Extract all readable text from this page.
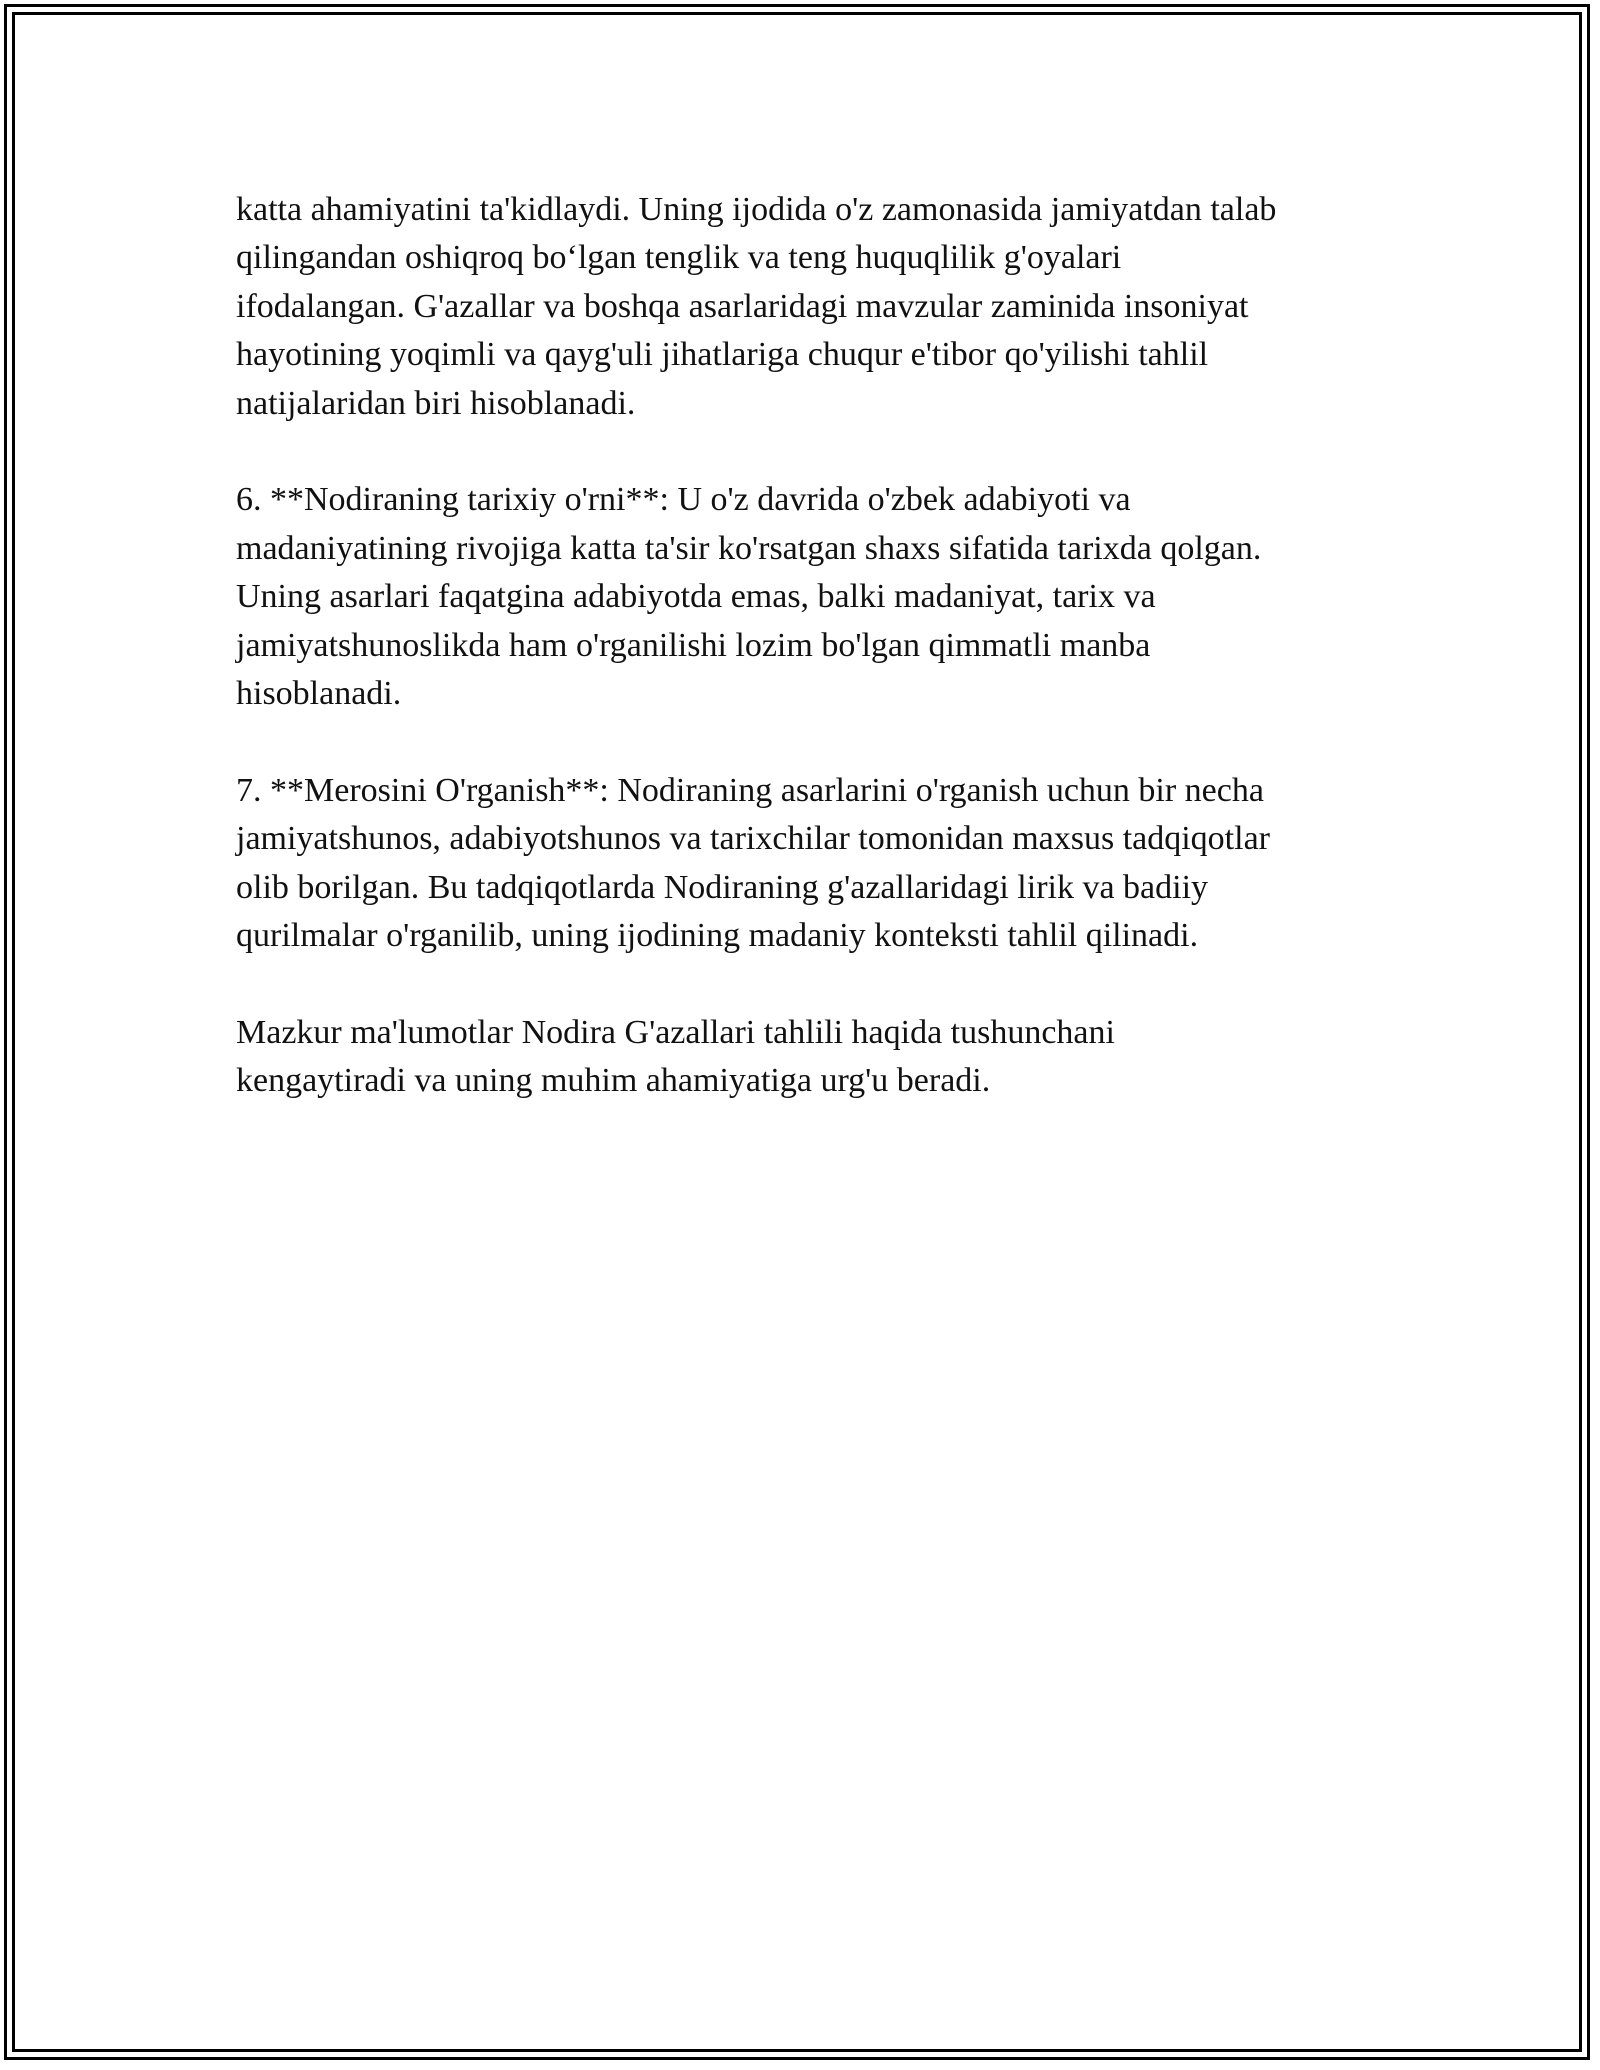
katta ahamiyatini ta'kidlaydi. Uning ijodida o'z zamonasida jamiyatdan talab
qilingandan oshiqroq bo‘lgan tenglik va teng huquqlilik g'oyalari
ifodalangan. G'azallar va boshqa asarlaridagi mavzular zaminida insoniyat
hayotining yoqimli va qayg'uli jihatlariga chuqur e'tibor qo'yilishi tahlil
natijalaridan biri hisoblanadi.

6. **Nodiraning tarixiy o'rni**: U o'z davrida o'zbek adabiyoti va
madaniyatining rivojiga katta ta'sir ko'rsatgan shaxs sifatida tarixda qolgan.
Uning asarlari faqatgina adabiyotda emas, balki madaniyat, tarix va
jamiyatshunoslikda ham o'rganilishi lozim bo'lgan qimmatli manba
hisoblanadi.

7. **Merosini O'rganish**: Nodiraning asarlarini o'rganish uchun bir necha
jamiyatshunos, adabiyotshunos va tarixchilar tomonidan maxsus tadqiqotlar
olib borilgan. Bu tadqiqotlarda Nodiraning g'azallaridagi lirik va badiiy
qurilmalar o'rganilib, uning ijodining madaniy konteksti tahlil qilinadi.

Mazkur ma'lumotlar Nodira G'azallari tahlili haqida tushunchani
kengaytiradi va uning muhim ahamiyatiga urg'u beradi.
